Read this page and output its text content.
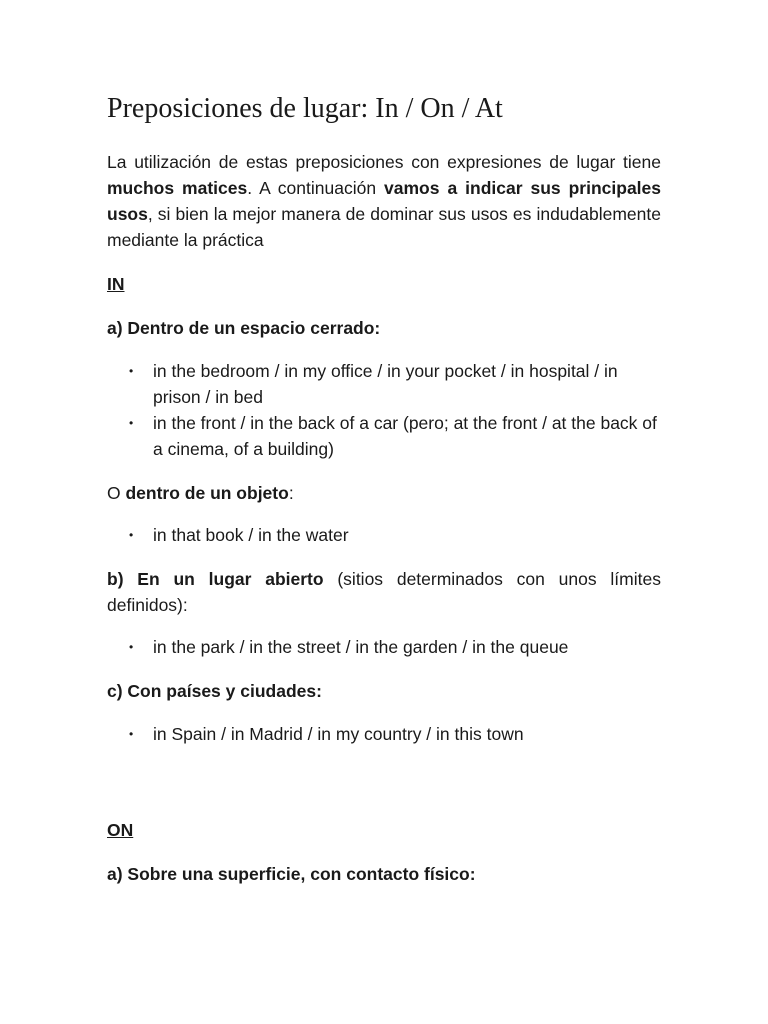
Preposiciones de lugar: In / On / At

La utilización de estas preposiciones con expresiones de lugar tiene muchos matices. A continuación vamos a indicar sus principales usos, si bien la mejor manera de dominar sus usos es indudablemente mediante la práctica

IN

a) Dentro de un espacio cerrado:

• in the bedroom / in my office / in your pocket / in hospital / in prison / in bed
• in the front / in the back of a car (pero; at the front / at the back of a cinema, of a building)

O dentro de un objeto:

• in that book / in the water

b) En un lugar abierto (sitios determinados con unos límites definidos):

• in the park / in the street / in the garden / in the queue

c) Con países y ciudades:

• in Spain / in Madrid / in my country / in this town

ON

a) Sobre una superficie, con contacto físico:
